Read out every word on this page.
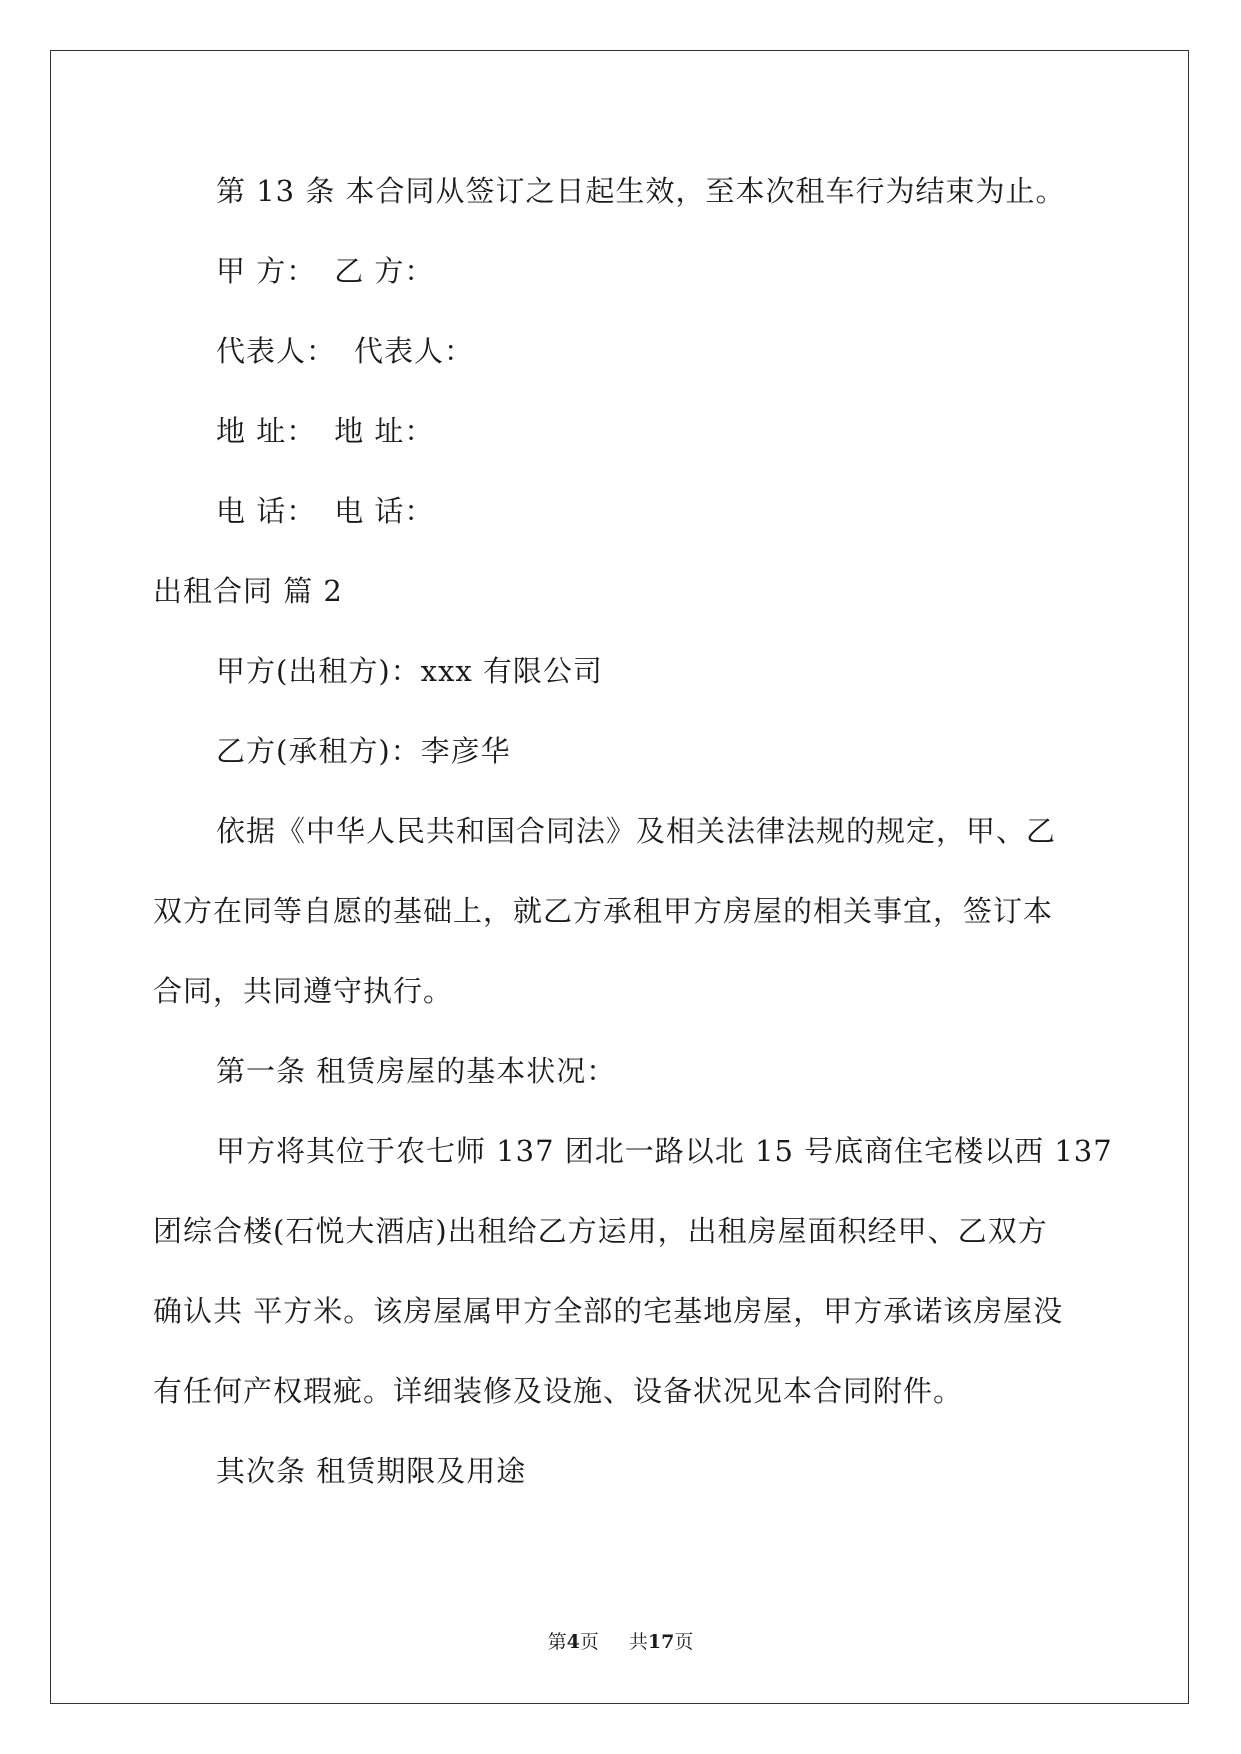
第 13 条 本合同从签订之日起生效，至本次租车行为结束为止。
甲 方： 乙 方：
代表人： 代表人：
地 址： 地 址：
电 话： 电 话：
出租合同 篇 2
甲方(出租方)：xxx 有限公司
乙方(承租方)：李彦华
依据《中华人民共和国合同法》及相关法律法规的规定，甲、乙
双方在同等自愿的基础上，就乙方承租甲方房屋的相关事宜，签订本
合同，共同遵守执行。
第一条 租赁房屋的基本状况：
甲方将其位于农七师 137 团北一路以北 15 号底商住宅楼以西 137
团综合楼(石悦大酒店)出租给乙方运用，出租房屋面积经甲、乙双方
确认共 平方米。该房屋属甲方全部的宅基地房屋，甲方承诺该房屋没
有任何产权瑕疵。详细装修及设施、设备状况见本合同附件。
其次条 租赁期限及用途
第4页 共17页
